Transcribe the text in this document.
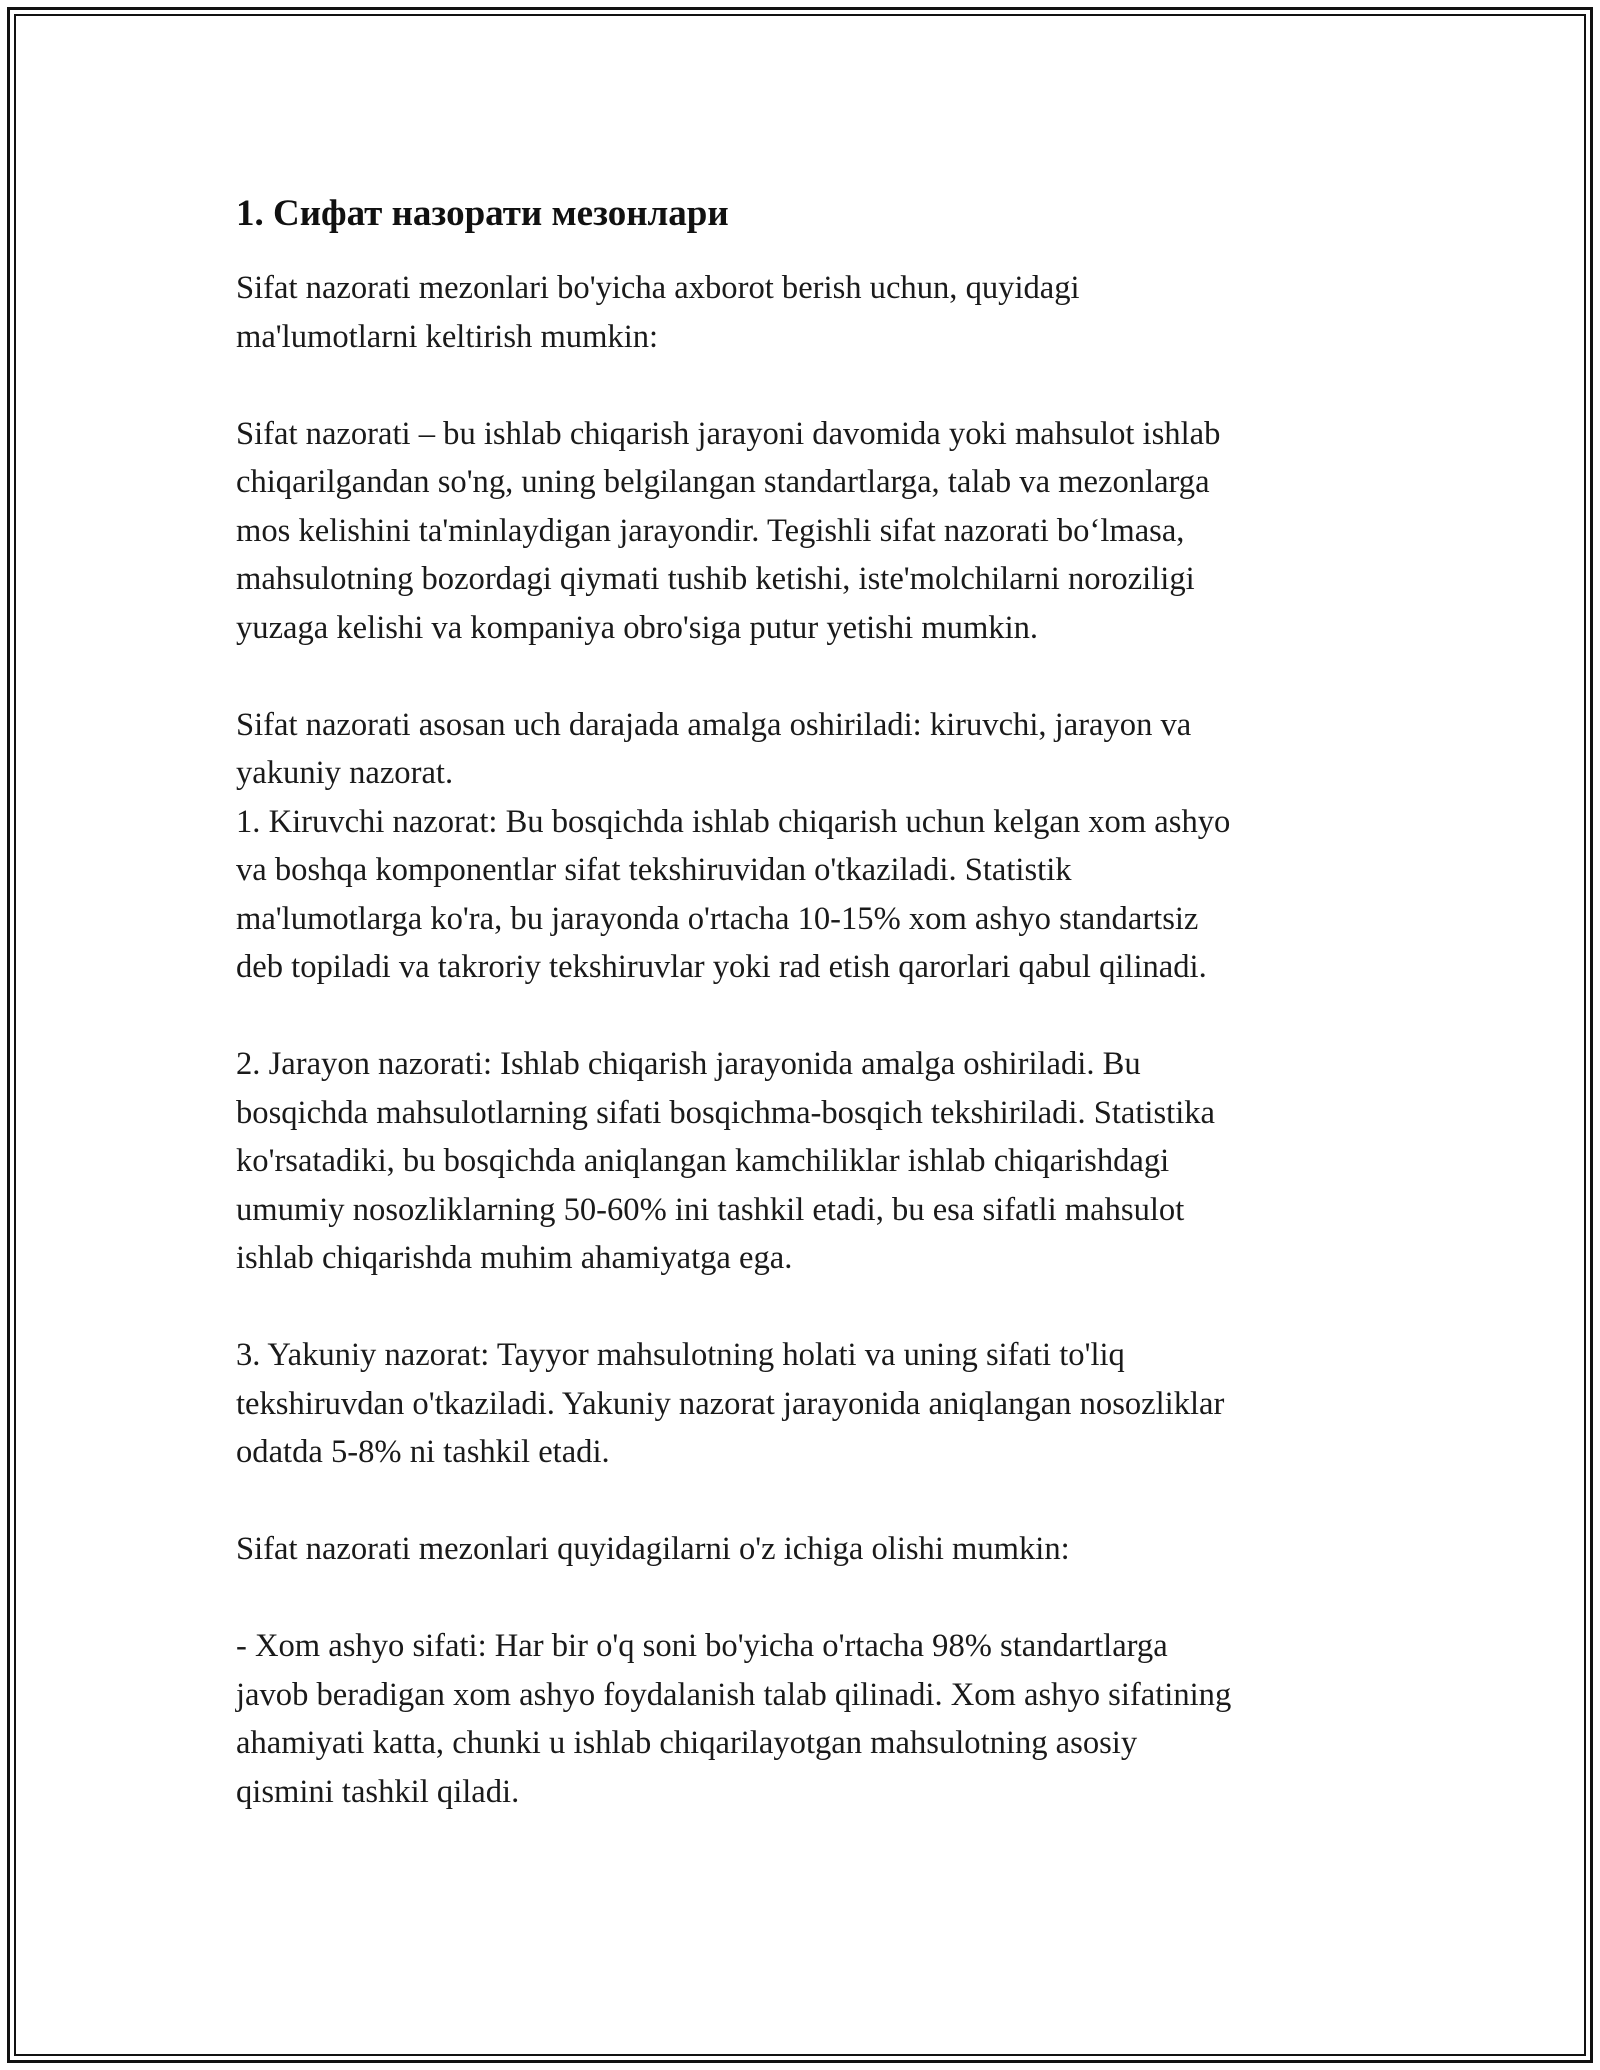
1. Сифат назорати мезонлари

Sifat nazorati mezonlari bo'yicha axborot berish uchun, quyidagi
ma'lumotlarni keltirish mumkin:

Sifat nazorati – bu ishlab chiqarish jarayoni davomida yoki mahsulot ishlab
chiqarilgandan so'ng, uning belgilangan standartlarga, talab va mezonlarga
mos kelishini ta'minlaydigan jarayondir. Tegishli sifat nazorati bo‘lmasa,
mahsulotning bozordagi qiymati tushib ketishi, iste'molchilarni noroziligi
yuzaga kelishi va kompaniya obro'siga putur yetishi mumkin.

Sifat nazorati asosan uch darajada amalga oshiriladi: kiruvchi, jarayon va
yakuniy nazorat.
1. Kiruvchi nazorat: Bu bosqichda ishlab chiqarish uchun kelgan xom ashyo
va boshqa komponentlar sifat tekshiruvidan o'tkaziladi. Statistik
ma'lumotlarga ko'ra, bu jarayonda o'rtacha 10-15% xom ashyo standartsiz
deb topiladi va takroriy tekshiruvlar yoki rad etish qarorlari qabul qilinadi.

2. Jarayon nazorati: Ishlab chiqarish jarayonida amalga oshiriladi. Bu
bosqichda mahsulotlarning sifati bosqichma-bosqich tekshiriladi. Statistika
ko'rsatadiki, bu bosqichda aniqlangan kamchiliklar ishlab chiqarishdagi
umumiy nosozliklarning 50-60% ini tashkil etadi, bu esa sifatli mahsulot
ishlab chiqarishda muhim ahamiyatga ega.

3. Yakuniy nazorat: Tayyor mahsulotning holati va uning sifati to'liq
tekshiruvdan o'tkaziladi. Yakuniy nazorat jarayonida aniqlangan nosozliklar
odatda 5-8% ni tashkil etadi.

Sifat nazorati mezonlari quyidagilarni o'z ichiga olishi mumkin:

- Xom ashyo sifati: Har bir o'q soni bo'yicha o'rtacha 98% standartlarga
javob beradigan xom ashyo foydalanish talab qilinadi. Xom ashyo sifatining
ahamiyati katta, chunki u ishlab chiqarilayotgan mahsulotning asosiy
qismini tashkil qiladi.
